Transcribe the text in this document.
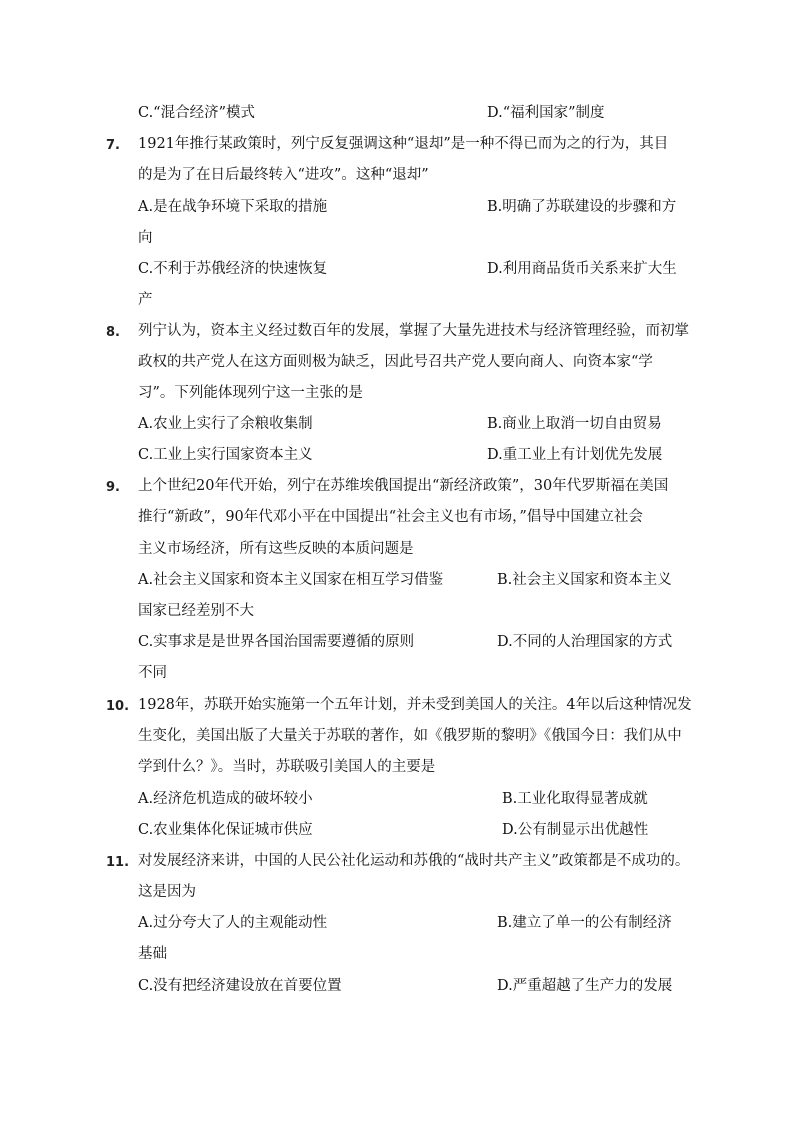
C.“混合经济”模式	D.“福利国家”制度
7. 1921年推行某政策时，列宁反复强调这种“退却”是一种不得已而为之的行为，其目
的是为了在日后最终转入“进攻”。这种“退却”
A.是在战争环境下采取的措施	B.明确了苏联建设的步骤和方
向
C.不利于苏俄经济的快速恢复	D.利用商品货币关系来扩大生
产
8. 列宁认为，资本主义经过数百年的发展，掌握了大量先进技术与经济管理经验，而初掌
政权的共产党人在这方面则极为缺乏，因此号召共产党人要向商人、向资本家“学
习”。下列能体现列宁这一主张的是
A.农业上实行了余粮收集制	B.商业上取消一切自由贸易
C.工业上实行国家资本主义	D.重工业上有计划优先发展
9. 上个世纪20年代开始，列宁在苏维埃俄国提出“新经济政策”，30年代罗斯福在美国
推行“新政”，90年代邓小平在中国提出“社会主义也有市场，”倡导中国建立社会
主义市场经济，所有这些反映的本质问题是
A.社会主义国家和资本主义国家在相互学习借鉴	B.社会主义国家和资本主义
国家已经差别不大
C.实事求是是世界各国治国需要遵循的原则	D.不同的人治理国家的方式
不同
10. 1928年，苏联开始实施第一个五年计划，并未受到美国人的关注。4年以后这种情况发
生变化，美国出版了大量关于苏联的著作，如《俄罗斯的黎明》《俄国今日：我们从中
学到什么？》。当时，苏联吸引美国人的主要是
A.经济危机造成的破坏较小	B.工业化取得显著成就
C.农业集体化保证城市供应	D.公有制显示出优越性
11. 对发展经济来讲，中国的人民公社化运动和苏俄的“战时共产主义”政策都是不成功的。
这是因为
A.过分夸大了人的主观能动性	B.建立了单一的公有制经济
基础
C.没有把经济建设放在首要位置	D.严重超越了生产力的发展
